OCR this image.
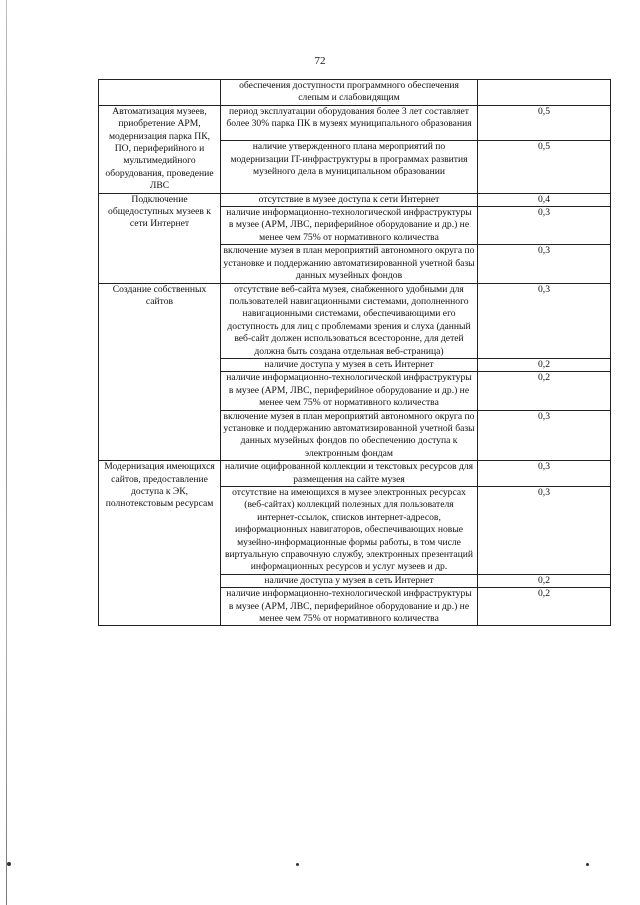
72
	обеспечения доступности программного обеспечения слепым и слабовидящим	
Автоматизация музеев, приобретение АРМ, модернизация парка ПК, ПО, периферийного и мультимедийного оборудования, проведение ЛВС	период эксплуатации оборудования более 3 лет составляет более 30% парка ПК в музеях муниципального образования	0,5
	наличие утвержденного плана мероприятий по модернизации IT-инфраструктуры в программах развития музейного дела в муниципальном образовании	0,5
Подключение общедоступных музеев к сети Интернет	отсутствие в музее доступа к сети Интернет	0,4
	наличие информационно-технологической инфраструктуры в музее (АРМ, ЛВС, периферийное оборудование и др.) не менее чем 75% от нормативного количества	0,3
	включение музея в план мероприятий автономного округа по установке и поддержанию автоматизированной учетной базы данных музейных фондов	0,3
Создание собственных сайтов	отсутствие веб-сайта музея, снабженного удобными для пользователей навигационными системами, дополненного навигационными системами, обеспечивающими его доступность для лиц с проблемами зрения и слуха (данный веб-сайт должен использоваться всесторонне, для детей должна быть создана отдельная веб-страница)	0,3
	наличие доступа у музея в сеть Интернет	0,2
	наличие информационно-технологической инфраструктуры в музее (АРМ, ЛВС, периферийное оборудование и др.) не менее чем 75% от нормативного количества	0,2
	включение музея в план мероприятий автономного округа по установке и поддержанию автоматизированной учетной базы данных музейных фондов по обеспечению доступа к электронным фондам	0,3
Модернизация имеющихся сайтов, предоставление доступа к ЭК, полнотекстовым ресурсам	наличие оцифрованной коллекции и текстовых ресурсов для размещения на сайте музея	0,3
	отсутствие на имеющихся в музее электронных ресурсах (веб-сайтах) коллекций полезных для пользователя интернет-ссылок, списков интернет-адресов, информационных навигаторов, обеспечивающих новые музейно-информационные формы работы, в том числе виртуальную справочную службу, электронных презентаций информационных ресурсов и услуг музеев и др.	0,3
	наличие доступа у музея в сеть Интернет	0,2
	наличие информационно-технологической инфраструктуры в музее (АРМ, ЛВС, периферийное оборудование и др.) не менее чем 75% от нормативного количества	0,2
